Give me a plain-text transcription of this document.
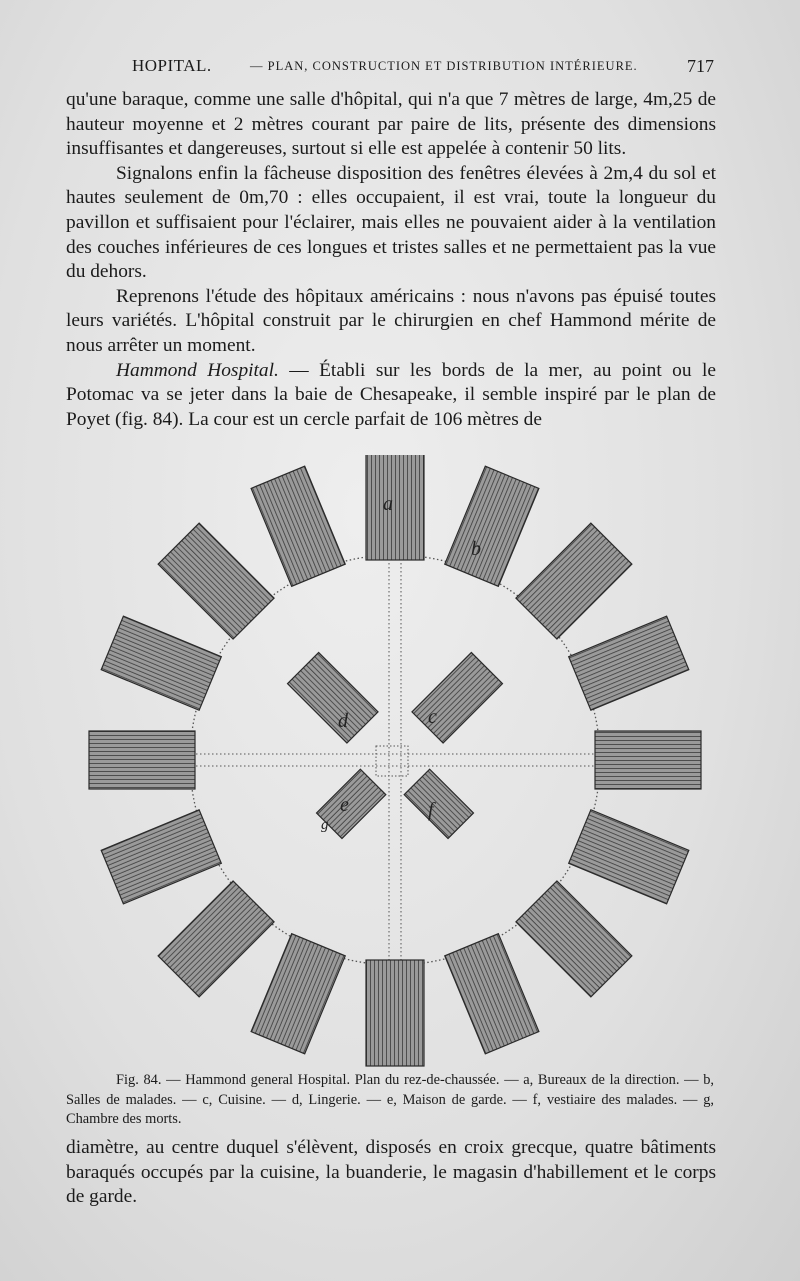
HOPITAL.	— PLAN, CONSTRUCTION ET DISTRIBUTION INTÉRIEURE.	717

qu'une baraque, comme une salle d'hôpital, qui n'a que 7 mètres de large, 4m,25 de hauteur moyenne et 2 mètres courant par paire de lits, présente des dimensions insuffisantes et dangereuses, surtout si elle est appelée à contenir 50 lits.

Signalons enfin la fâcheuse disposition des fenêtres élevées à 2m,4 du sol et hautes seulement de 0m,70 : elles occupaient, il est vrai, toute la longueur du pavillon et suffisaient pour l'éclairer, mais elles ne pouvaient aider à la ventilation des couches inférieures de ces longues et tristes salles et ne permettaient pas la vue du dehors.

Reprenons l'étude des hôpitaux américains : nous n'avons pas épuisé toutes leurs variétés. L'hôpital construit par le chirurgien en chef Hammond mérite de nous arrêter un moment.

Hammond Hospital. — Établi sur les bords de la mer, au point ou le Potomac va se jeter dans la baie de Chesapeake, il semble inspiré par le plan de Poyet (fig. 84). La cour est un cercle parfait de 106 mètres de

a
b
c
d
e	f
g

Fig. 84. — Hammond general Hospital. Plan du rez-de-chaussée. — a, Bureaux de la direction. — b, Salles de malades. — c, Cuisine. — d, Lingerie. — e, Maison de garde. — f, vestiaire des malades. — g, Chambre des morts.

diamètre, au centre duquel s'élèvent, disposés en croix grecque, quatre bâtiments baraqués occupés par la cuisine, la buanderie, le magasin d'habillement et le corps de garde.
